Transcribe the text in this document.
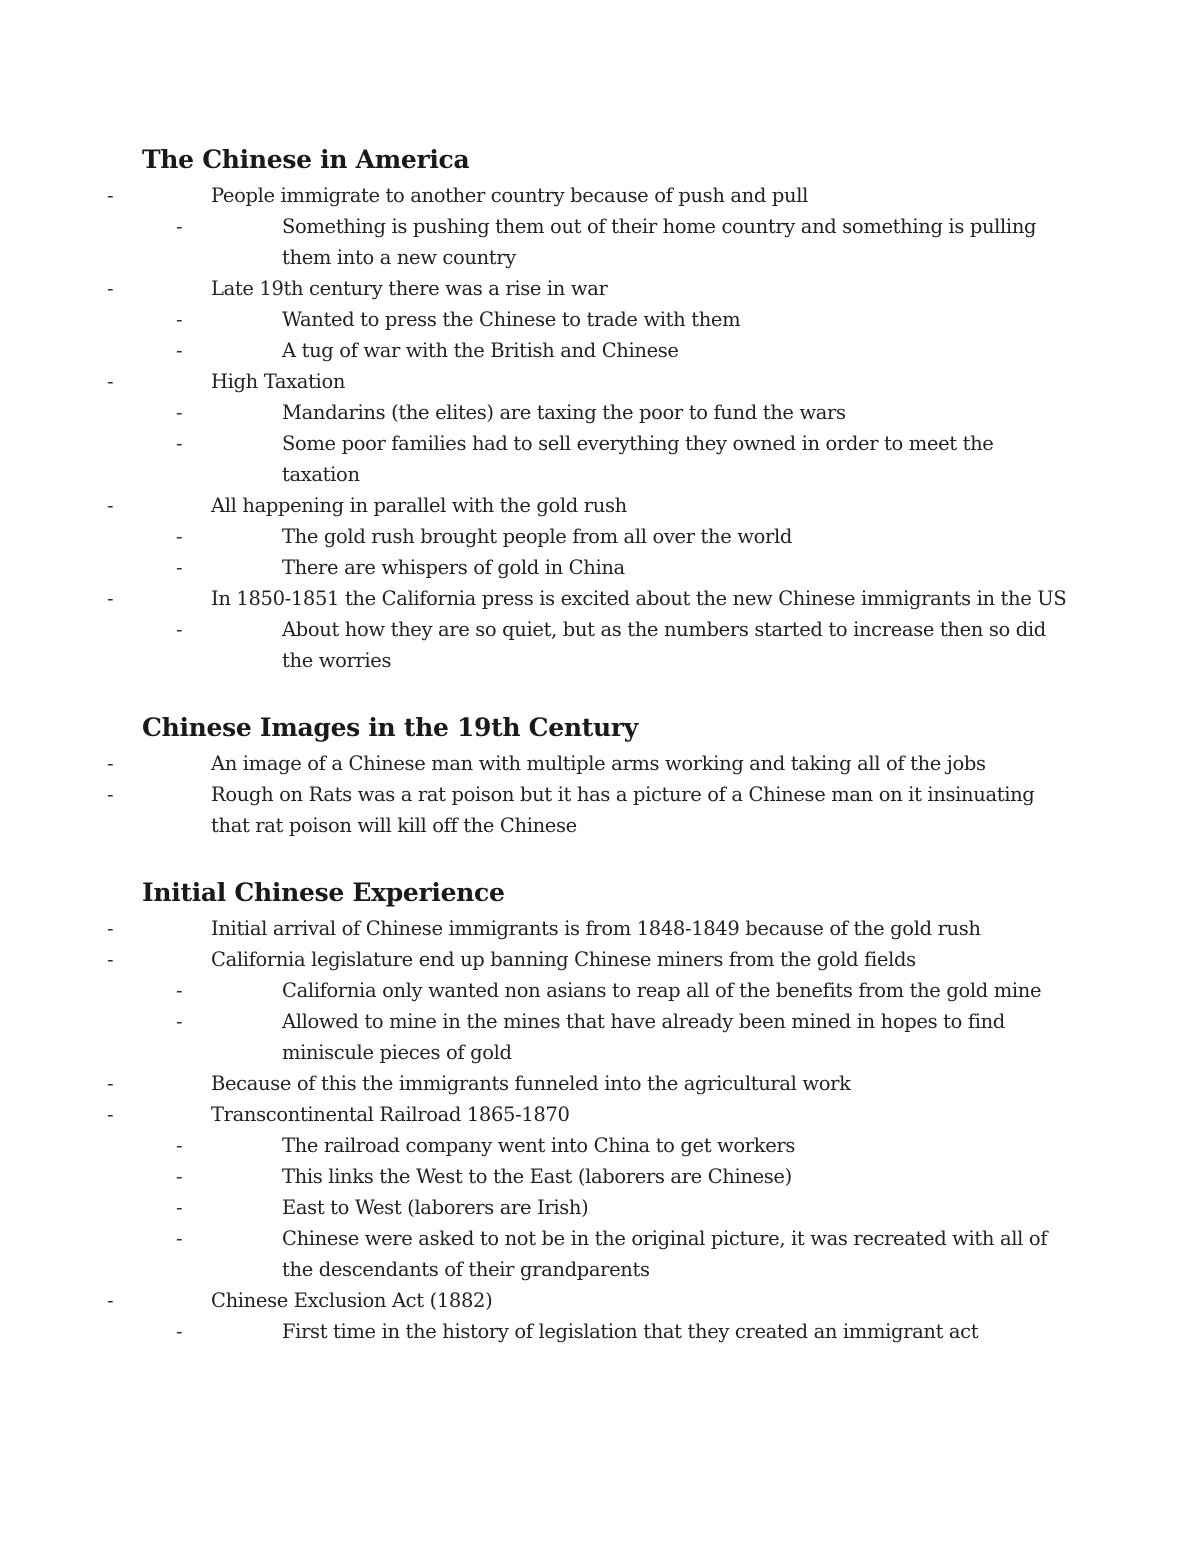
The Chinese in America
-	People immigrate to another country because of push and pull
-	Something is pushing them out of their home country and something is pulling them into a new country
-	Late 19th century there was a rise in war
-	Wanted to press the Chinese to trade with them
-	A tug of war with the British and Chinese
-	High Taxation
-	Mandarins (the elites) are taxing the poor to fund the wars
-	Some poor families had to sell everything they owned in order to meet the taxation
-	All happening in parallel with the gold rush
-	The gold rush brought people from all over the world
-	There are whispers of gold in China
-	In 1850-1851 the California press is excited about the new Chinese immigrants in the US
-	About how they are so quiet, but as the numbers started to increase then so did the worries
Chinese Images in the 19th Century
-	An image of a Chinese man with multiple arms working and taking all of the jobs
-	Rough on Rats was a rat poison but it has a picture of a Chinese man on it insinuating that rat poison will kill off the Chinese
Initial Chinese Experience
-	Initial arrival of Chinese immigrants is from 1848-1849 because of the gold rush
-	California legislature end up banning Chinese miners from the gold fields
-	California only wanted non asians to reap all of the benefits from the gold mine
-	Allowed to mine in the mines that have already been mined in hopes to find miniscule pieces of gold
-	Because of this the immigrants funneled into the agricultural work
-	Transcontinental Railroad 1865-1870
-	The railroad company went into China to get workers
-	This links the West to the East (laborers are Chinese)
-	East to West (laborers are Irish)
-	Chinese were asked to not be in the original picture, it was recreated with all of the descendants of their grandparents
-	Chinese Exclusion Act (1882)
-	First time in the history of legislation that they created an immigrant act
